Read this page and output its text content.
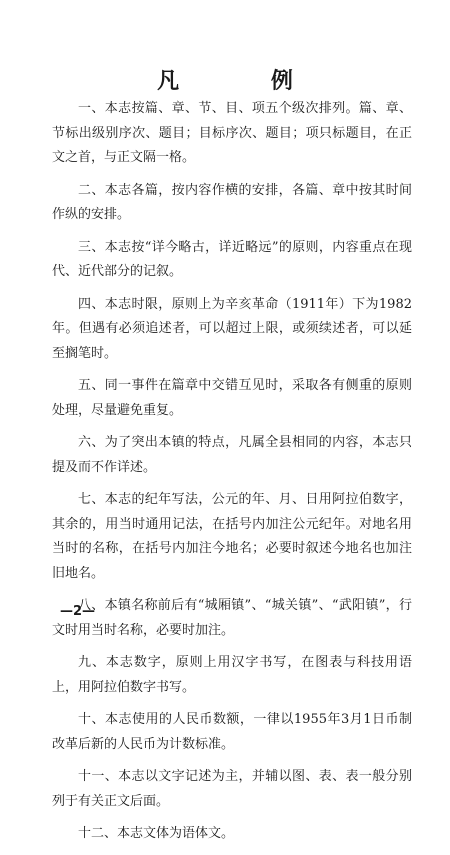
凡 例

一、本志按篇、章、节、目、项五个级次排列。篇、章、节标出级别序次、题目；目标序次、题目；项只标题目，在正文之首，与正文隔一格。

二、本志各篇，按内容作横的安排，各篇、章中按其时间作纵的安排。

三、本志按“详今略古，详近略远”的原则，内容重点在现代、近代部分的记叙。

四、本志时限，原则上为辛亥革命（1911年）下为1982年。但遇有必须追述者，可以超过上限，或须续述者，可以延至搁笔时。

五、同一事件在篇章中交错互见时，采取各有侧重的原则处理，尽量避免重复。

六、为了突出本镇的特点，凡属全县相同的内容，本志只提及而不作详述。

七、本志的纪年写法，公元的年、月、日用阿拉伯数字，其余的，用当时通用记法，在括号内加注公元纪年。对地名用当时的名称，在括号内加注今地名；必要时叙述今地名也加注旧地名。

八、本镇名称前后有“城厢镇”、“城关镇”、“武阳镇”，行文时用当时名称，必要时加注。

九、本志数字，原则上用汉字书写，在图表与科技用语上，用阿拉伯数字书写。

十、本志使用的人民币数额，一律以1955年3月1日币制改革后新的人民币为计数标准。

十一、本志以文字记述为主，并辅以图、表、表一般分别列于有关正文后面。

十二、本志文体为语体文。

—2—
